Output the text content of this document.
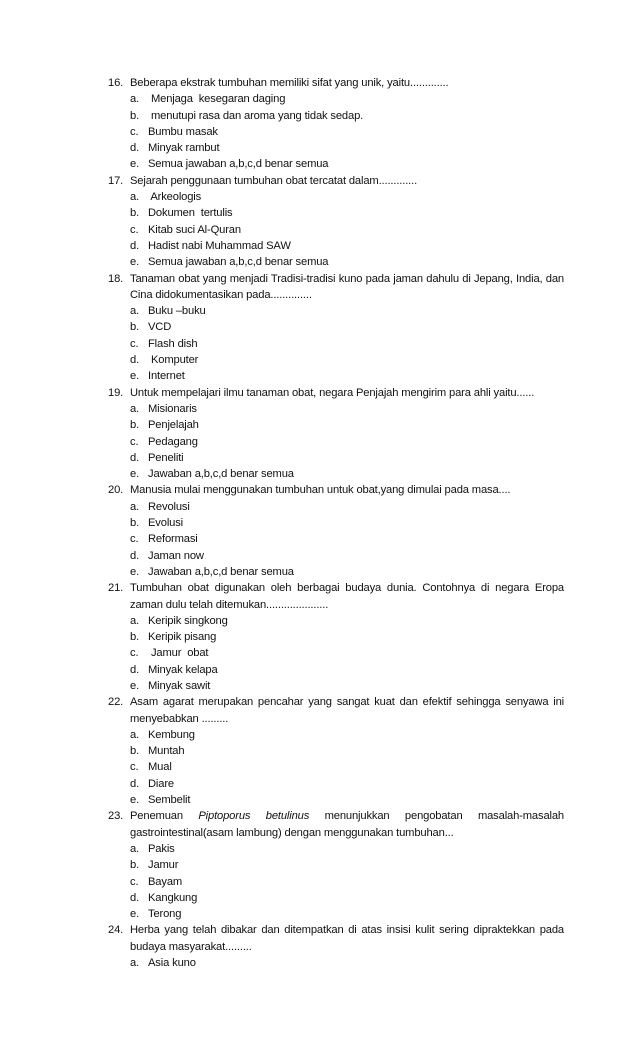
16. Beberapa ekstrak tumbuhan memiliki sifat yang unik, yaitu.............
a. Menjaga  kesegaran daging
b. menutupi rasa dan aroma yang tidak sedap.
c. Bumbu masak
d. Minyak rambut
e. Semua jawaban a,b,c,d benar semua
17. Sejarah penggunaan tumbuhan obat tercatat dalam.............
a. Arkeologis
b. Dokumen  tertulis
c. Kitab suci Al-Quran
d. Hadist nabi Muhammad SAW
e. Semua jawaban a,b,c,d benar semua
18. Tanaman obat yang menjadi Tradisi-tradisi kuno pada jaman dahulu di Jepang, India, dan Cina didokumentasikan pada..............
a. Buku –buku
b. VCD
c. Flash dish
d. Komputer
e. Internet
19. Untuk mempelajari ilmu tanaman obat, negara Penjajah mengirim para ahli yaitu......
a. Misionaris
b. Penjelajah
c. Pedagang
d. Peneliti
e. Jawaban a,b,c,d benar semua
20. Manusia mulai menggunakan tumbuhan untuk obat,yang dimulai pada masa....
a. Revolusi
b. Evolusi
c. Reformasi
d. Jaman now
e. Jawaban a,b,c,d benar semua
21. Tumbuhan obat digunakan oleh berbagai budaya dunia. Contohnya di negara Eropa zaman dulu telah ditemukan.....................
a. Keripik singkong
b. Keripik pisang
c. Jamur  obat
d. Minyak kelapa
e. Minyak sawit
22. Asam agarat merupakan pencahar yang sangat kuat dan efektif sehingga senyawa ini menyebabkan .........
a. Kembung
b. Muntah
c. Mual
d. Diare
e. Sembelit
23. Penemuan Piptoporus betulinus menunjukkan pengobatan masalah-masalah gastrointestinal(asam lambung) dengan menggunakan tumbuhan...
a. Pakis
b. Jamur
c. Bayam
d. Kangkung
e. Terong
24. Herba yang telah dibakar dan ditempatkan di atas insisi kulit sering dipraktekkan pada budaya masyarakat.........
a. Asia kuno
